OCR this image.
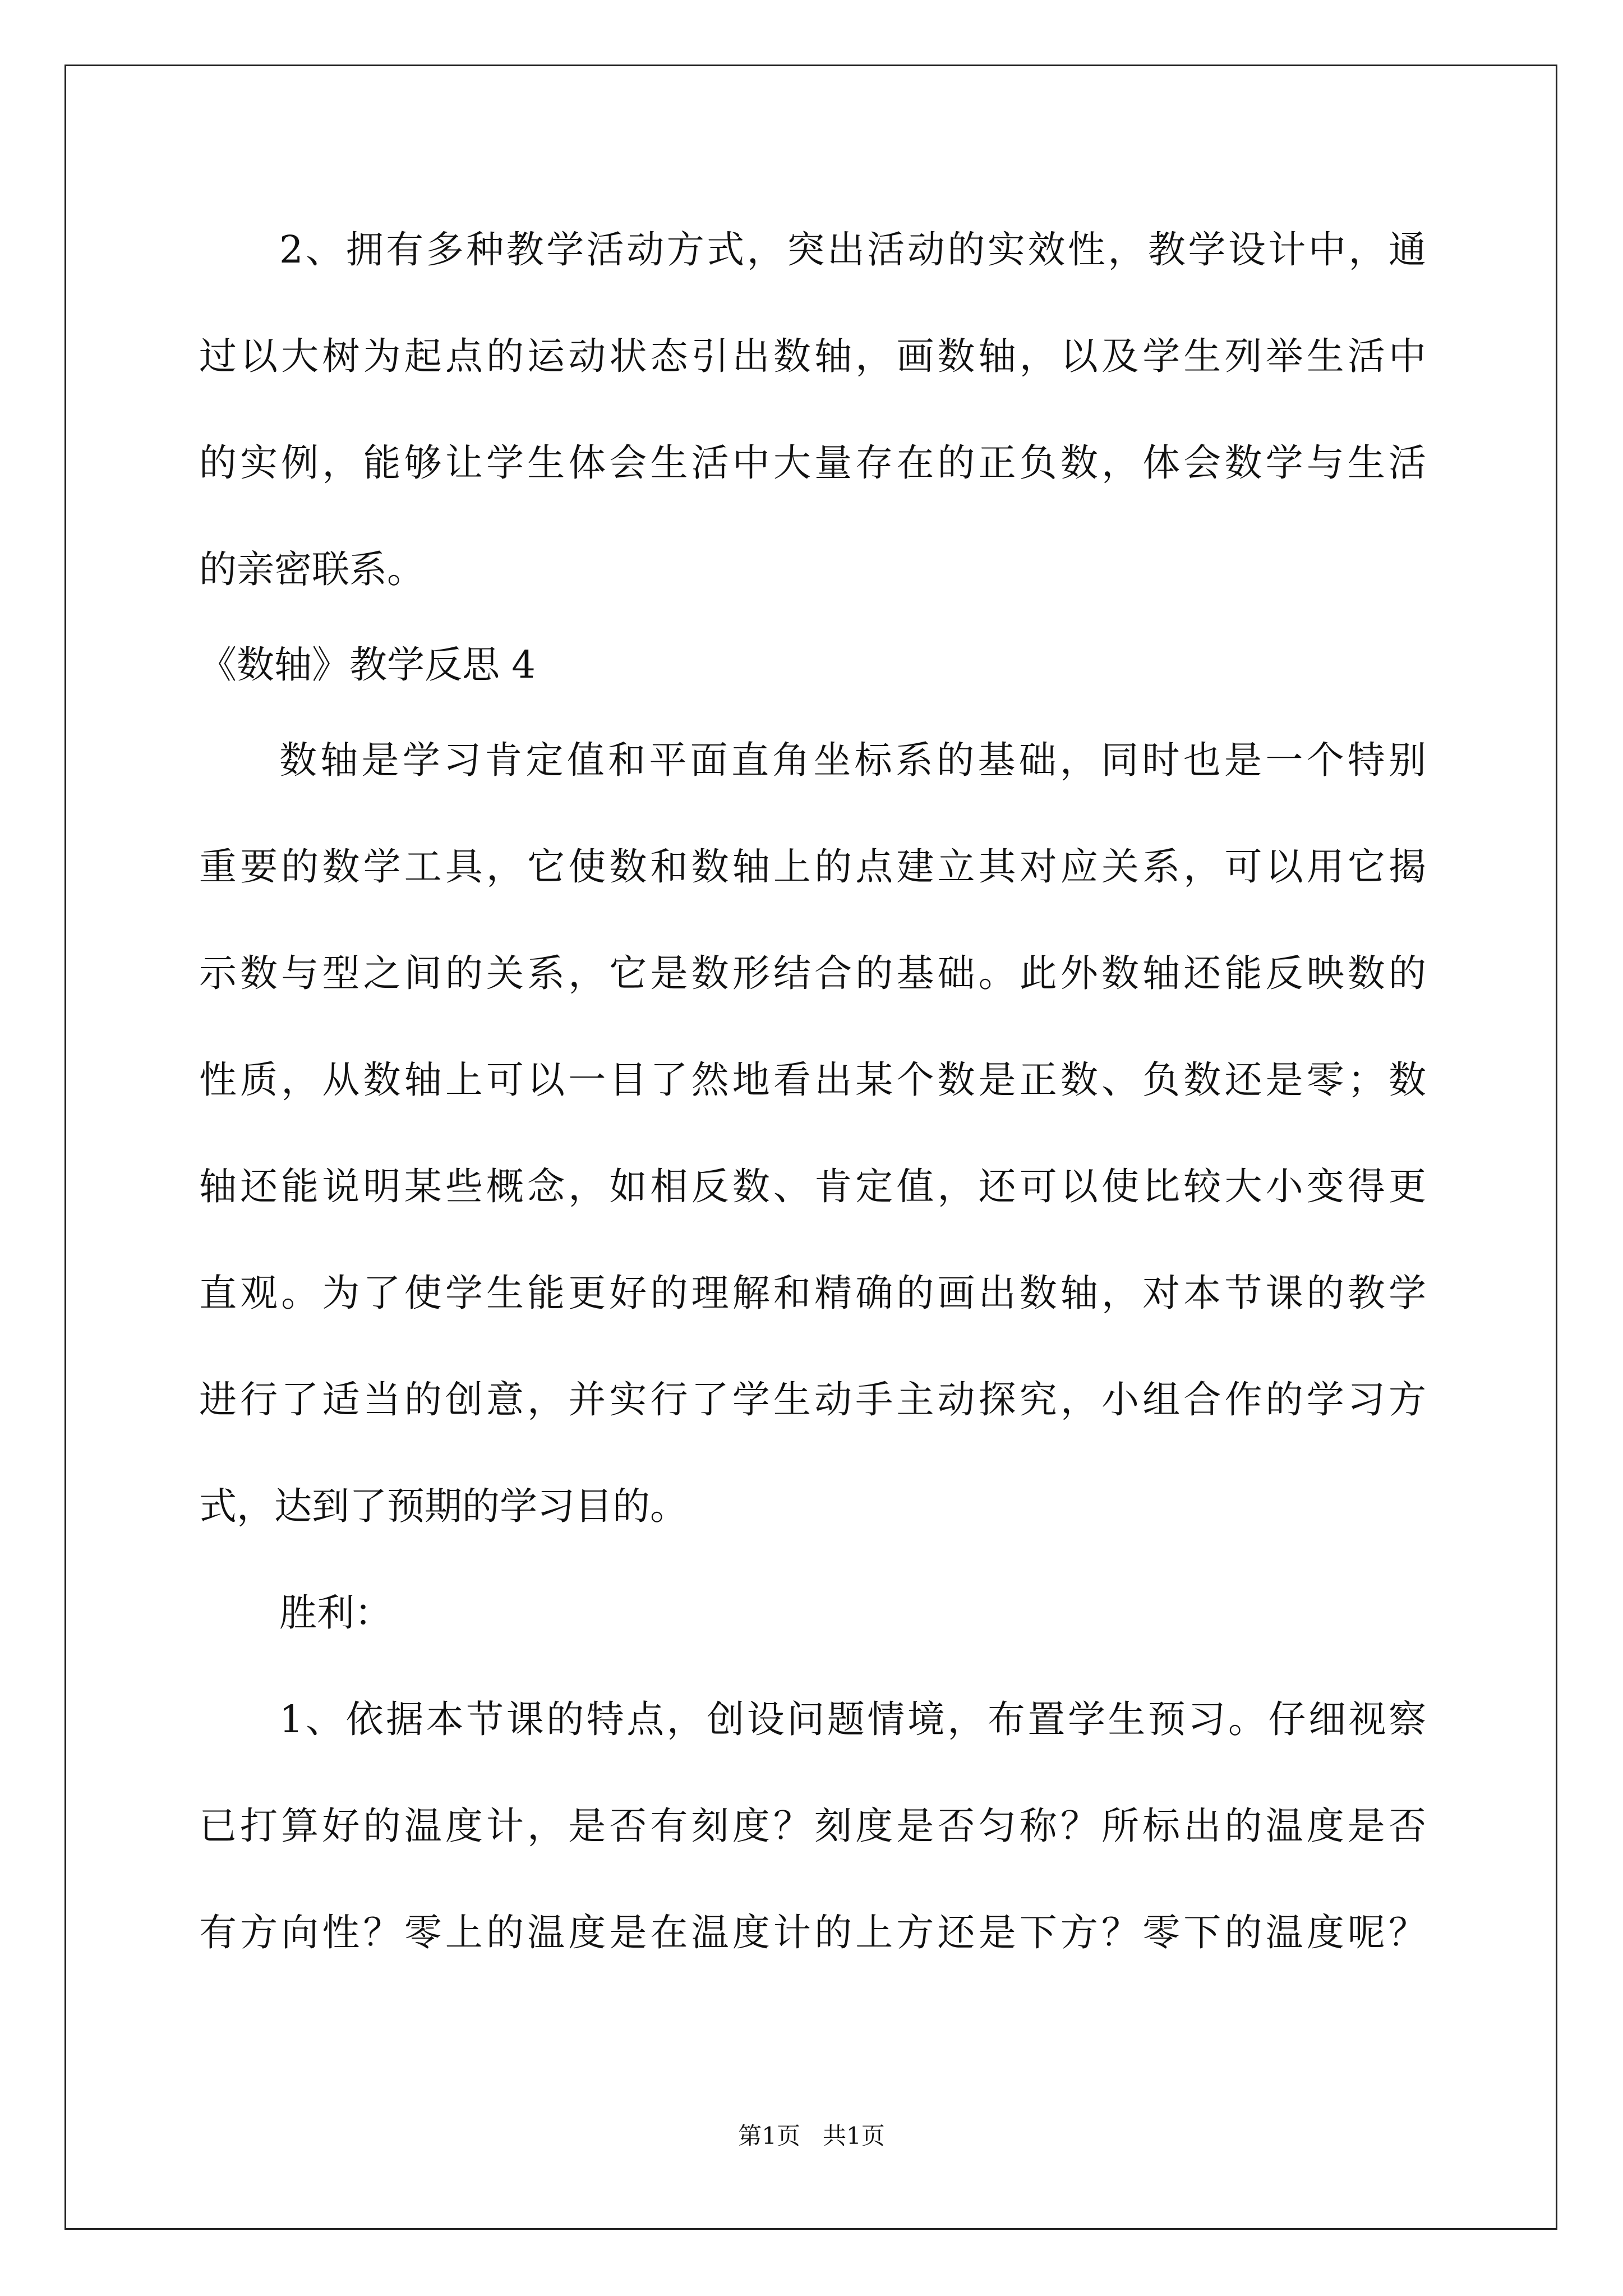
2、拥有多种教学活动方式，突出活动的实效性，教学设计中，通
过以大树为起点的运动状态引出数轴，画数轴，以及学生列举生活中
的实例，能够让学生体会生活中大量存在的正负数，体会数学与生活
的亲密联系。
《数轴》教学反思 4
数轴是学习肯定值和平面直角坐标系的基础，同时也是一个特别
重要的数学工具，它使数和数轴上的点建立其对应关系，可以用它揭
示数与型之间的关系，它是数形结合的基础。此外数轴还能反映数的
性质，从数轴上可以一目了然地看出某个数是正数、负数还是零；数
轴还能说明某些概念，如相反数、肯定值，还可以使比较大小变得更
直观。为了使学生能更好的理解和精确的画出数轴，对本节课的教学
进行了适当的创意，并实行了学生动手主动探究，小组合作的学习方
式，达到了预期的学习目的。
胜利：
1、依据本节课的特点，创设问题情境，布置学生预习。仔细视察
已打算好的温度计，是否有刻度？刻度是否匀称？所标出的温度是否
有方向性？零上的温度是在温度计的上方还是下方？零下的温度呢？
第1页   共1页
